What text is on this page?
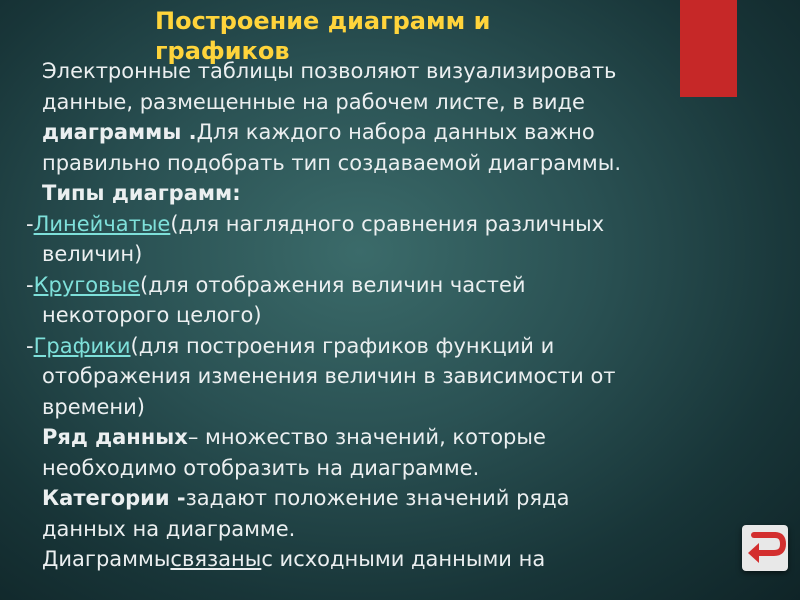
Построение диаграмм и графиков
Электронные таблицы позволяют визуализировать
данные, размещенные на рабочем листе, в виде
диаграммы . Для каждого набора данных важно
правильно подобрать тип создаваемой диаграммы.
Типы диаграмм:
- Линейчатые (для наглядного сравнения различных
величин)
- Круговые (для отображения величин частей
некоторого целого)
- Графики (для построения графиков функций и
отображения изменения величин в зависимости от
времени)
Ряд данных – множество значений, которые
необходимо отобразить на диаграмме.
Категории - задают положение значений ряда
данных на диаграмме.
Диаграммы связаны с исходными данными на
